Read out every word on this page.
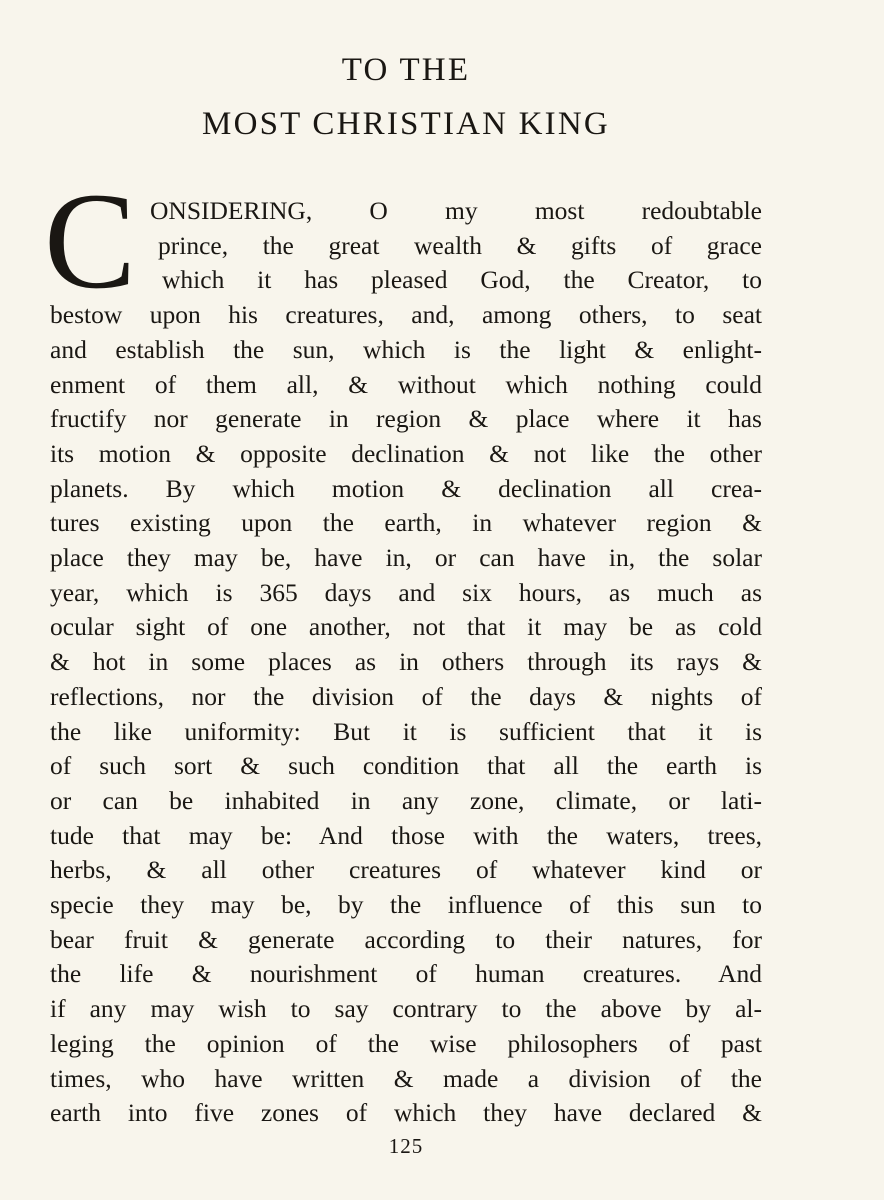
TO THE
MOST CHRISTIAN KING
C ONSIDERING, O my most redoubtable
prince, the great wealth & gifts of grace
which it has pleased God, the Creator, to
bestow upon his creatures, and, among others, to seat
and establish the sun, which is the light & enlight-
enment of them all, & without which nothing could
fructify nor generate in region & place where it has
its motion & opposite declination & not like the other
planets. By which motion & declination all crea-
tures existing upon the earth, in whatever region &
place they may be, have in, or can have in, the solar
year, which is 365 days and six hours, as much as
ocular sight of one another, not that it may be as cold
& hot in some places as in others through its rays &
reflections, nor the division of the days & nights of
the like uniformity: But it is sufficient that it is
of such sort & such condition that all the earth is
or can be inhabited in any zone, climate, or lati-
tude that may be: And those with the waters, trees,
herbs, & all other creatures of whatever kind or
specie they may be, by the influence of this sun to
bear fruit & generate according to their natures, for
the life & nourishment of human creatures. And
if any may wish to say contrary to the above by al-
leging the opinion of the wise philosophers of past
times, who have written & made a division of the
earth into five zones of which they have declared &
125
